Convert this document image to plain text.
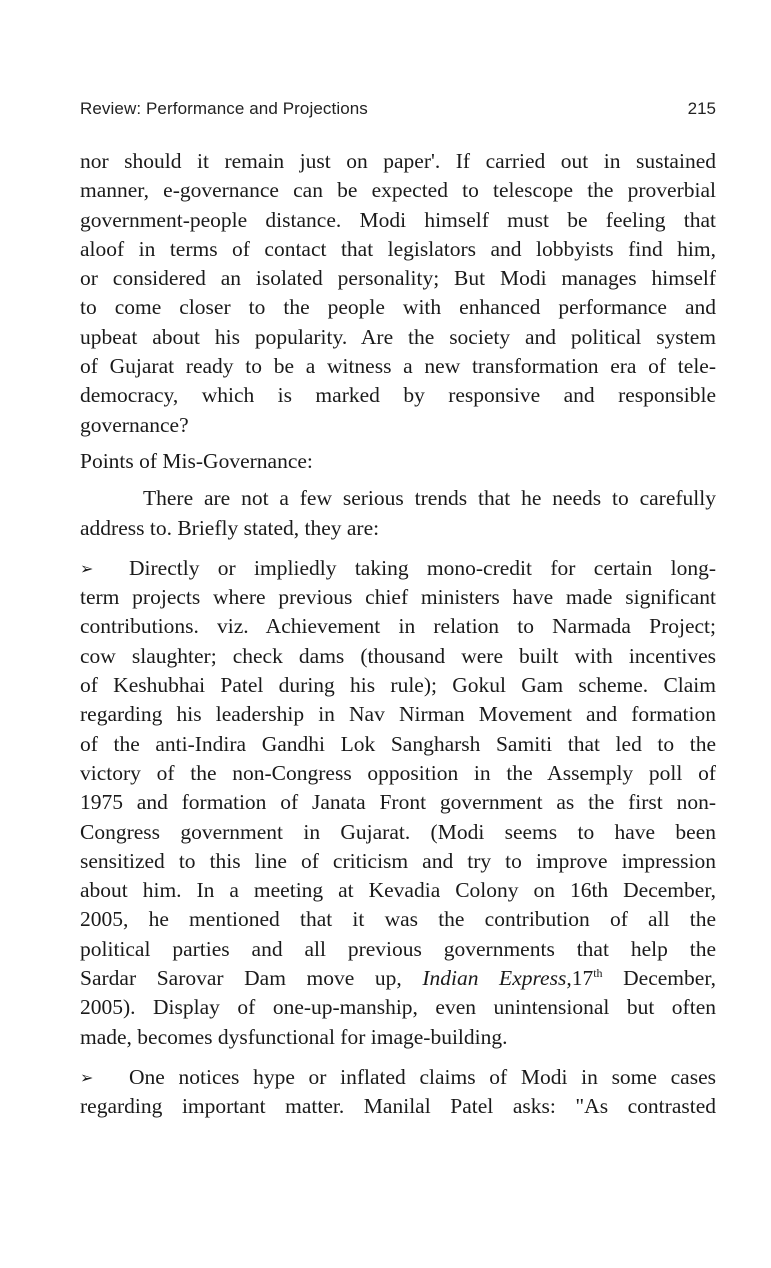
Review: Performance and Projections	215
nor should it remain just on paper'. If carried out in sustained
manner, e-governance can be expected to telescope the proverbial
government-people distance. Modi himself must be feeling that
aloof in terms of contact that legislators and lobbyists find him,
or considered an isolated personality; But Modi manages himself
to come closer to the people with enhanced performance and
upbeat about his popularity. Are the society and political system
of Gujarat ready to be a witness a new transformation era of tele-
democracy, which is marked by responsive and responsible
governance?
Points of Mis-Governance:
There are not a few serious trends that he needs to carefully
address to. Briefly stated, they are:
➢ Directly or impliedly taking mono-credit for certain long-
term projects where previous chief ministers have made significant
contributions. viz. Achievement in relation to Narmada Project;
cow slaughter; check dams (thousand were built with incentives
of Keshubhai Patel during his rule); Gokul Gam scheme. Claim
regarding his leadership in Nav Nirman Movement and formation
of the anti-Indira Gandhi Lok Sangharsh Samiti that led to the
victory of the non-Congress opposition in the Assemply poll of
1975 and formation of Janata Front government as the first non-
Congress government in Gujarat. (Modi seems to have been
sensitized to this line of criticism and try to improve impression
about him. In a meeting at Kevadia Colony on 16th December,
2005, he mentioned that it was the contribution of all the
political parties and all previous governments that help the
Sardar Sarovar Dam move up, Indian Express,17th December,
2005). Display of one-up-manship, even unintensional but often
made, becomes dysfunctional for image-building.
➢ One notices hype or inflated claims of Modi in some cases
regarding important matter. Manilal Patel asks: "As contrasted
